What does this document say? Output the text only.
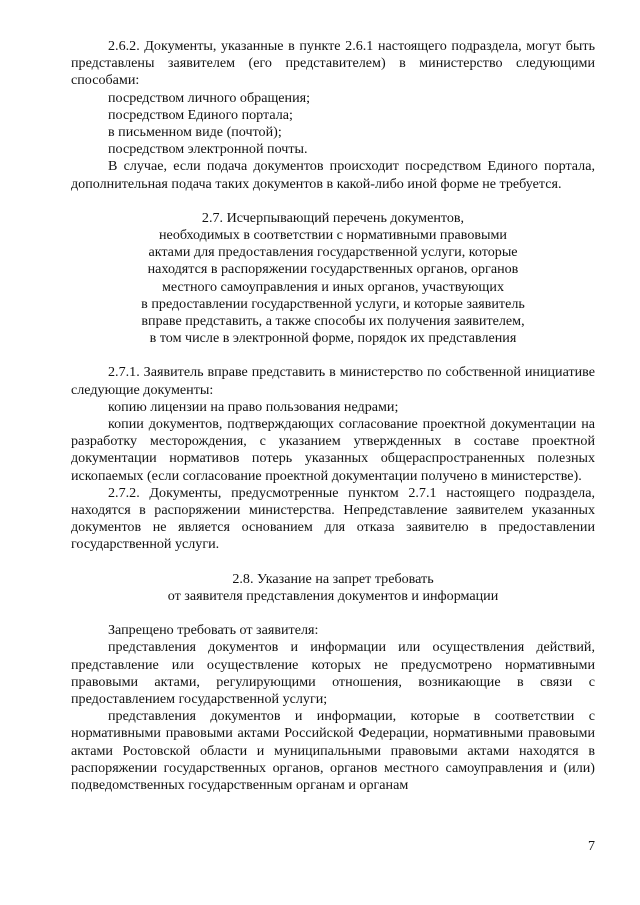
2.6.2. Документы, указанные в пункте 2.6.1 настоящего подраздела, могут быть представлены заявителем (его представителем) в министерство следующими способами:

посредством личного обращения;

посредством Единого портала;

в письменном виде (почтой);

посредством электронной почты.

В случае, если подача документов происходит посредством Единого портала, дополнительная подача таких документов в какой-либо иной форме не требуется.

2.7. Исчерпывающий перечень документов,

необходимых в соответствии с нормативными правовыми

актами для предоставления государственной услуги, которые

находятся в распоряжении государственных органов, органов

местного самоуправления и иных органов, участвующих

в предоставлении государственной услуги, и которые заявитель

вправе представить, а также способы их получения заявителем,

в том числе в электронной форме, порядок их представления

2.7.1. Заявитель вправе представить в министерство по собственной инициативе следующие документы:

копию лицензии на право пользования недрами;

копии документов, подтверждающих согласование проектной документации на разработку месторождения, с указанием утвержденных в составе проектной документации нормативов потерь указанных общераспространенных полезных ископаемых (если согласование проектной документации получено в министерстве).

2.7.2. Документы, предусмотренные пунктом 2.7.1 настоящего подраздела, находятся в распоряжении министерства. Непредставление заявителем указанных документов не является основанием для отказа заявителю в предоставлении государственной услуги.

2.8. Указание на запрет требовать

от заявителя представления документов и информации

Запрещено требовать от заявителя:

представления документов и информации или осуществления действий, представление или осуществление которых не предусмотрено нормативными правовыми актами, регулирующими отношения, возникающие в связи с предоставлением государственной услуги;

представления документов и информации, которые в соответствии с нормативными правовыми актами Российской Федерации, нормативными правовыми актами Ростовской области и муниципальными правовыми актами находятся в распоряжении государственных органов, органов местного самоуправления и (или) подведомственных государственным органам и органам

7
